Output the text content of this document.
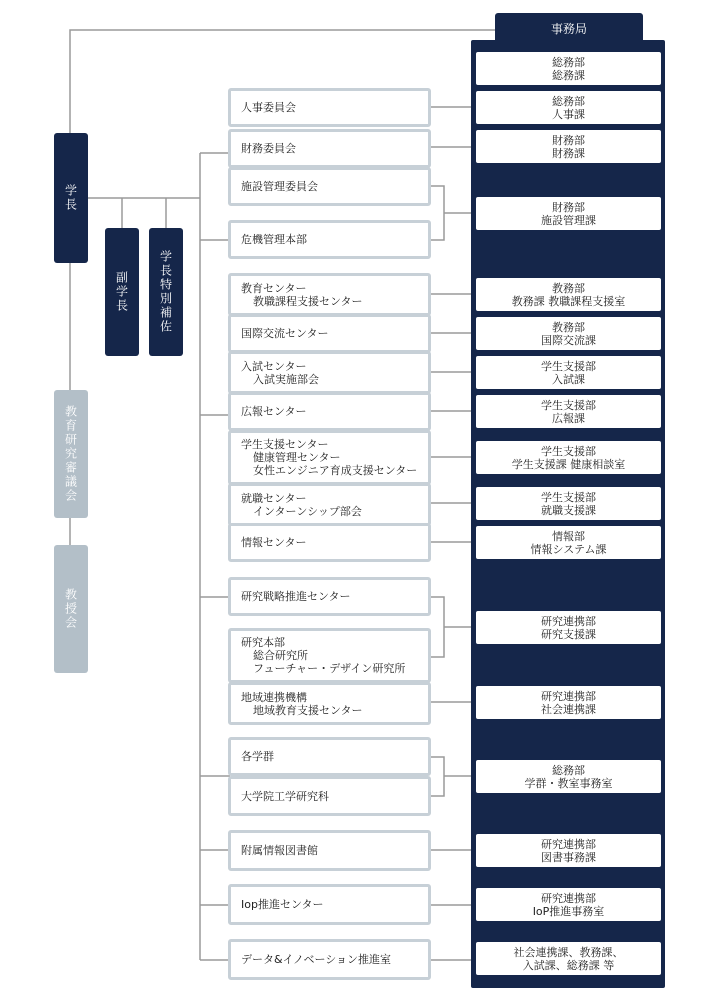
学長
副学長	学長特別補佐
教育研究審議会
教授会
事務局
人事委員会
財務委員会
施設管理委員会
危機管理本部
教育センター
教職課程支援センター
国際交流センター
入試センター
入試実施部会
広報センター
学生支援センター
健康管理センター
女性エンジニア育成支援センター
就職センター
インターンシップ部会
情報センター
研究戦略推進センター
研究本部
総合研究所
フューチャー・デザイン研究所
地域連携機構
地域教育支援センター
各学群
大学院工学研究科
附属情報図書館
Iop推進センター
データ&イノベーション推進室
総務部
総務課
総務部
人事課
財務部
財務課
財務部
施設管理課
教務部
教務課 教職課程支援室
教務部
国際交流課
学生支援部
入試課
学生支援部
広報課
学生支援部
学生支援課 健康相談室
学生支援部
就職支援課
情報部
情報システム課
研究連携部
研究支援課
研究連携部
社会連携課
総務部
学群・教室事務室
研究連携部
図書事務課
研究連携部
IoP推進事務室
社会連携課、教務課、
入試課、総務課 等
